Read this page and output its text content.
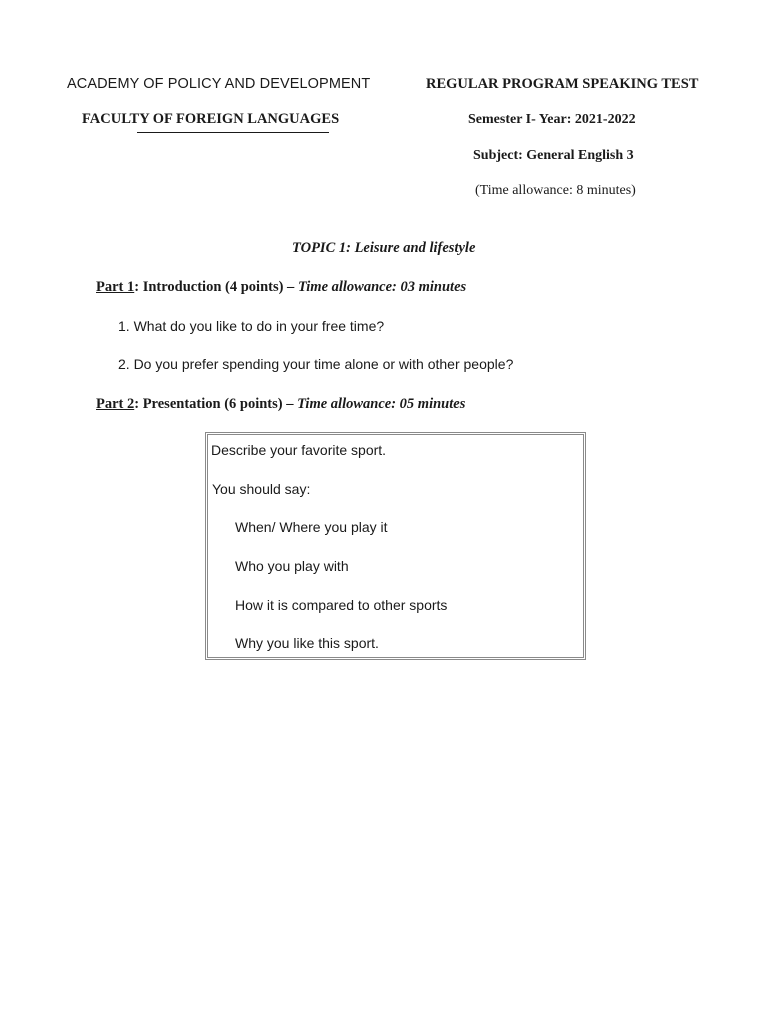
ACADEMY OF POLICY AND DEVELOPMENT	REGULAR PROGRAM SPEAKING TEST
FACULTY OF FOREIGN LANGUAGES	Semester I- Year: 2021-2022
Subject: General English 3
(Time allowance: 8 minutes)
TOPIC 1: Leisure and lifestyle
Part 1: Introduction (4 points) – Time allowance: 03 minutes
1. What do you like to do in your free time?
2. Do you prefer spending your time alone or with other people?
Part 2: Presentation (6 points) – Time allowance: 05 minutes
Describe your favorite sport.
You should say:
When/ Where you play it
Who you play with
How it is compared to other sports
Why you like this sport.
